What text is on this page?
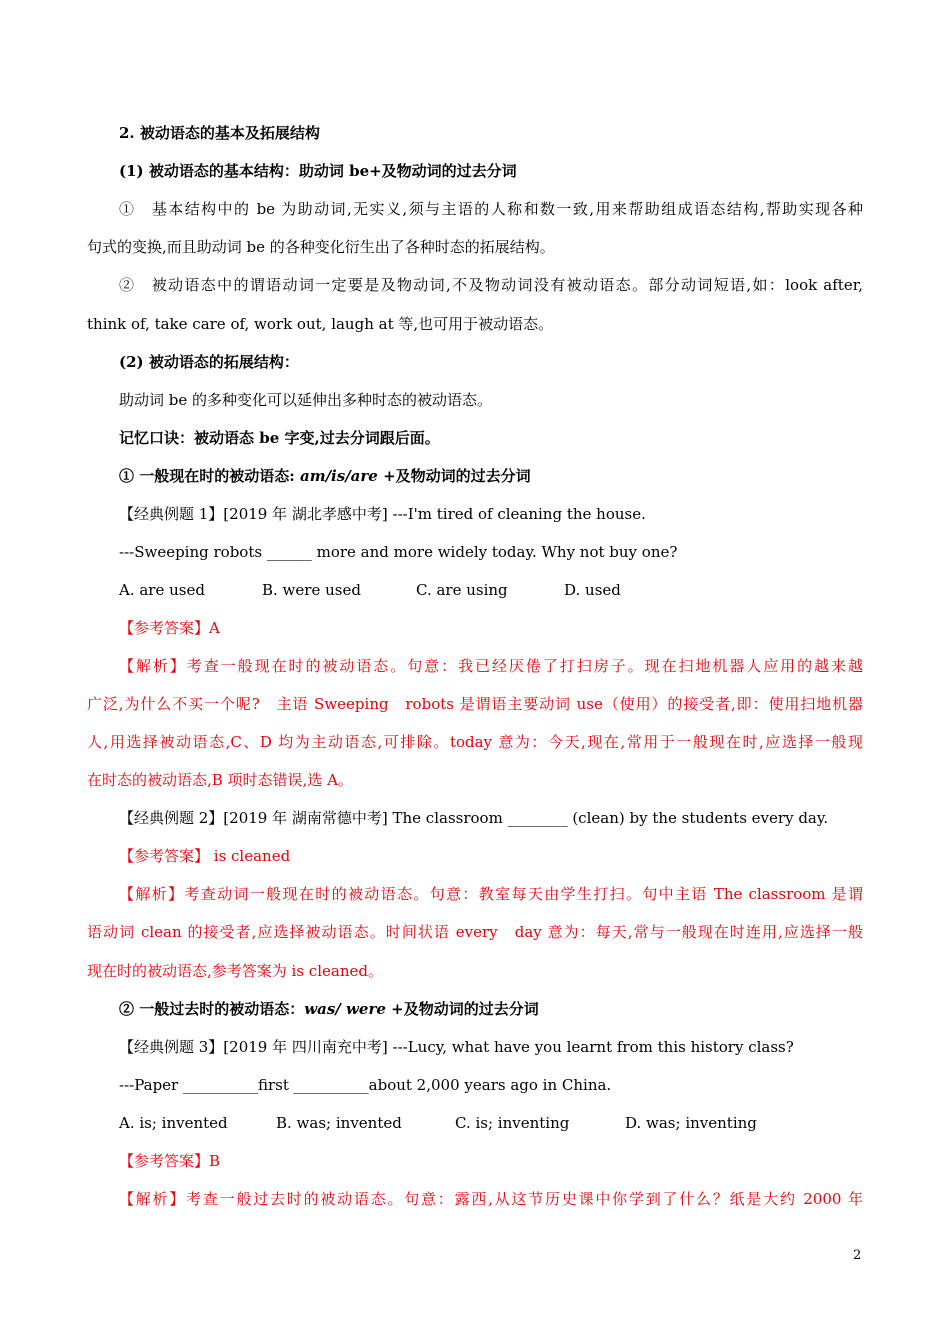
2. 被动语态的基本及拓展结构
(1) 被动语态的基本结构：助动词 be+及物动词的过去分词
①　基本结构中的 be 为助动词,无实义,须与主语的人称和数一致,用来帮助组成语态结构,帮助实现各种
句式的变换,而且助动词 be 的各种变化衍生出了各种时态的拓展结构。
②　被动语态中的谓语动词一定要是及物动词,不及物动词没有被动语态。部分动词短语,如：look after,
think of, take care of, work out, laugh at 等,也可用于被动语态。
(2) 被动语态的拓展结构：
助动词 be 的多种变化可以延伸出多种时态的被动语态。
记忆口诀：被动语态 be 字变,过去分词跟后面。
① 一般现在时的被动语态: am/is/are +及物动词的过去分词
【经典例题 1】[2019 年 湖北孝感中考] ---I'm tired of cleaning the house.
---Sweeping robots ______ more and more widely today. Why not buy one?
A. are used	B. were used	C. are using	D. used
【参考答案】A
【解析】考查一般现在时的被动语态。句意：我已经厌倦了打扫房子。现在扫地机器人应用的越来越
广泛,为什么不买一个呢?　主语 Sweeping　robots 是谓语主要动词 use（使用）的接受者,即：使用扫地机器
人,用选择被动语态,C、D 均为主动语态,可排除。today 意为：今天,现在,常用于一般现在时,应选择一般现
在时态的被动语态,B 项时态错误,选 A。
【经典例题 2】[2019 年 湖南常德中考] The classroom ________ (clean) by the students every day.
【参考答案】 is cleaned
【解析】考查动词一般现在时的被动语态。句意：教室每天由学生打扫。句中主语 The classroom 是谓
语动词 clean 的接受者,应选择被动语态。时间状语 every　day 意为：每天,常与一般现在时连用,应选择一般
现在时的被动语态,参考答案为 is cleaned。
② 一般过去时的被动语态：was/ were +及物动词的过去分词
【经典例题 3】[2019 年 四川南充中考] ---Lucy, what have you learnt from this history class?
---Paper __________first __________about 2,000 years ago in China.
A. is; invented	B. was; invented	C. is; inventing	D. was; inventing
【参考答案】B
【解析】考查一般过去时的被动语态。句意：露西,从这节历史课中你学到了什么？纸是大约 2000 年
2
